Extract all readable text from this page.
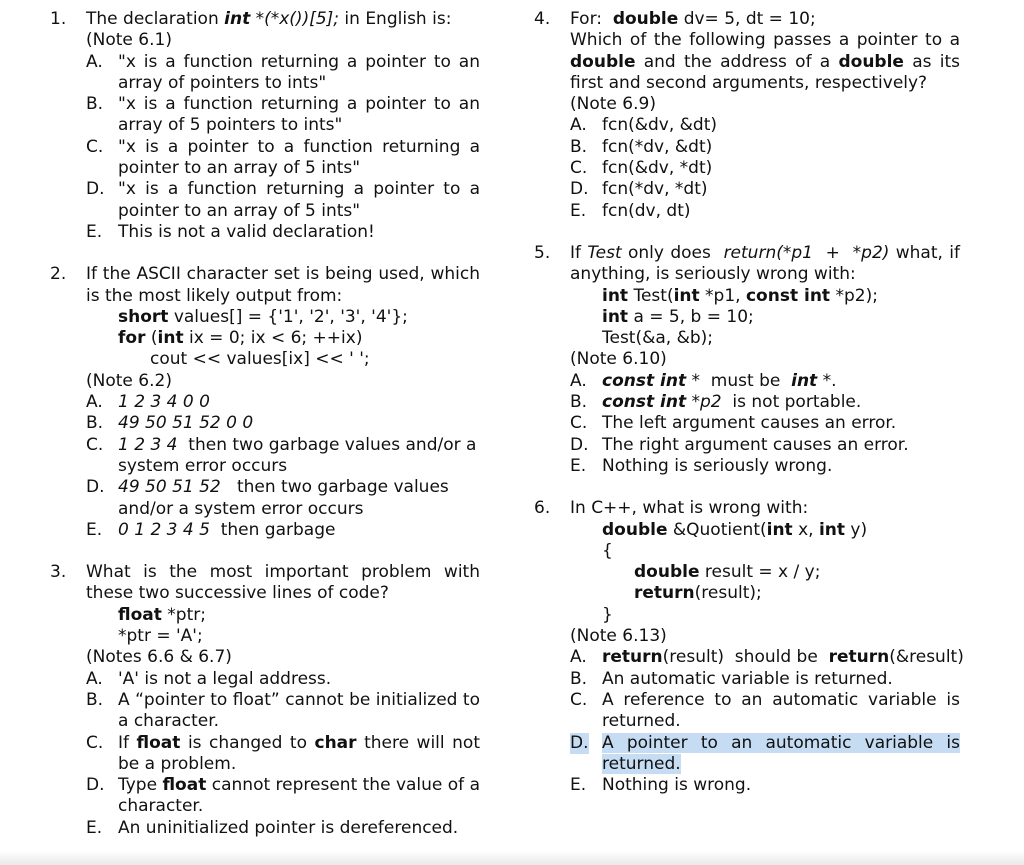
1. The declaration int *(*x())[5]; in English is:
(Note 6.1)
A. "x is a function returning a pointer to an array of pointers to ints"
B. "x is a function returning a pointer to an array of 5 pointers to ints"
C. "x is a pointer to a function returning a pointer to an array of 5 ints"
D. "x is a function returning a pointer to a pointer to an array of 5 ints"
E. This is not a valid declaration!
2. If the ASCII character set is being used, which is the most likely output from:
short values[] = {'1', '2', '3', '4'};
for (int ix = 0; ix < 6; ++ix)
cout << values[ix] << ' ';
(Note 6.2)
A. 1 2 3 4 0 0
B. 49 50 51 52 0 0
C. 1 2 3 4  then two garbage values and/or a system error occurs
D. 49 50 51 52   then two garbage values and/or a system error occurs
E. 0 1 2 3 4 5  then garbage
3. What is the most important problem with these two successive lines of code?
float *ptr;
*ptr = 'A';
(Notes 6.6 & 6.7)
A. 'A' is not a legal address.
B. A “pointer to float” cannot be initialized to a character.
C. If float is changed to char there will not be a problem.
D. Type float cannot represent the value of a character.
E. An uninitialized pointer is dereferenced.
4. For:  double dv= 5, dt = 10;
Which of the following passes a pointer to a double and the address of a double as its first and second arguments, respectively?
(Note 6.9)
A. fcn(&dv, &dt)
B. fcn(*dv, &dt)
C. fcn(&dv, *dt)
D. fcn(*dv, *dt)
E. fcn(dv, dt)
5. If Test only does  return(*p1  +  *p2) what, if anything, is seriously wrong with:
int Test(int *p1, const int *p2);
int a = 5, b = 10;
Test(&a, &b);
(Note 6.10)
A. const int *  must be  int *.
B. const int *p2  is not portable.
C. The left argument causes an error.
D. The right argument causes an error.
E. Nothing is seriously wrong.
6. In C++, what is wrong with:
double &Quotient(int x, int y)
{
double result = x / y;
return(result);
}
(Note 6.13)
A. return(result)  should be  return(&result)
B. An automatic variable is returned.
C. A reference to an automatic variable is returned.
D. A pointer to an automatic variable is returned.
E. Nothing is wrong.
